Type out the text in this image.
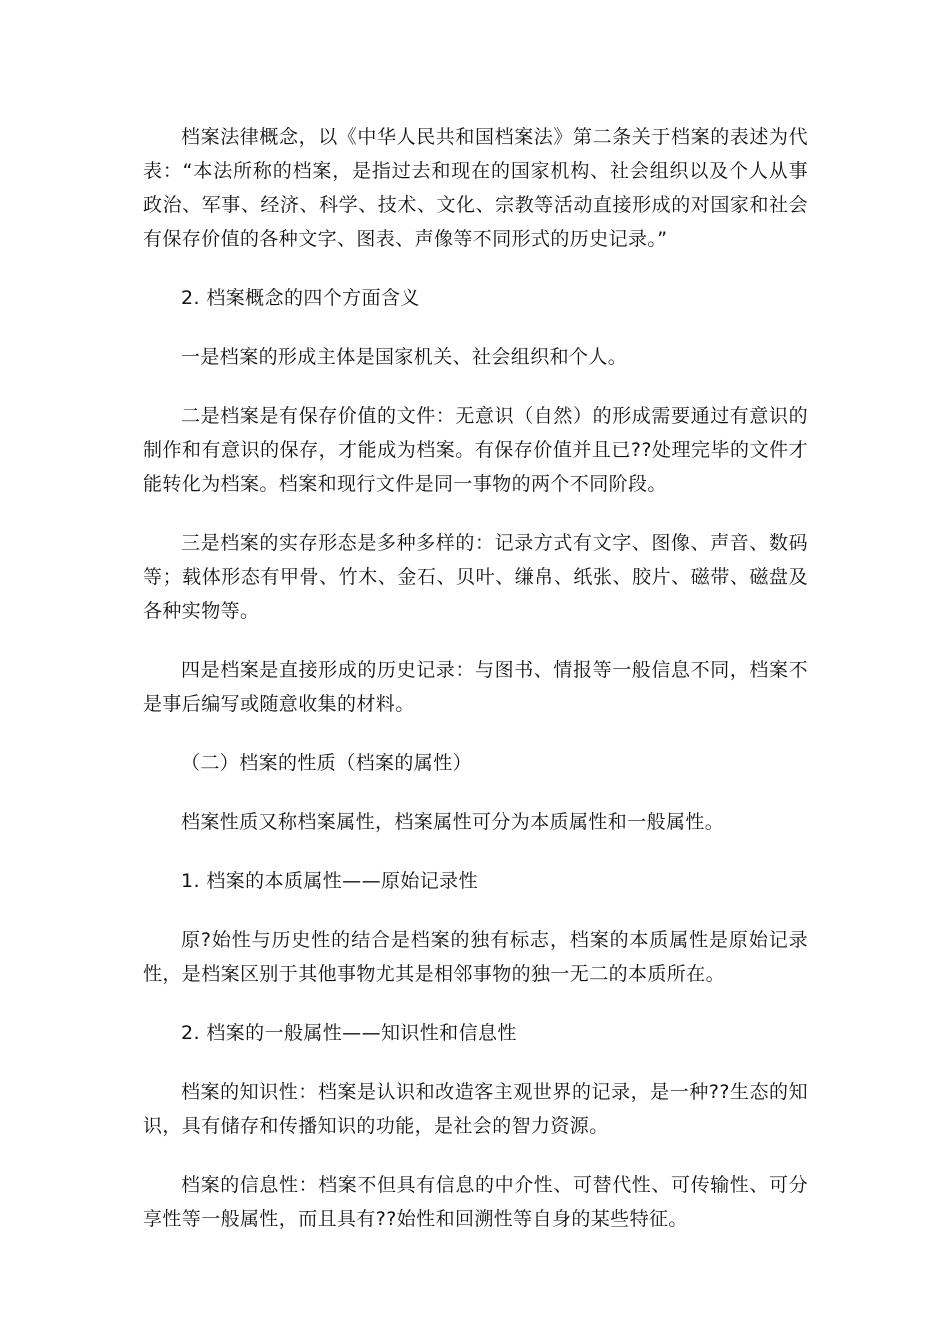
档案法律概念，以《中华人民共和国档案法》第二条关于档案的表述为代表：“本法所称的档案，是指过去和现在的国家机构、社会组织以及个人从事政治、军事、经济、科学、技术、文化、宗教等活动直接形成的对国家和社会有保存价值的各种文字、图表、声像等不同形式的历史记录。”

2. 档案概念的四个方面含义

一是档案的形成主体是国家机关、社会组织和个人。

二是档案是有保存价值的文件：无意识（自然）的形成需要通过有意识的制作和有意识的保存，才能成为档案。有保存价值并且已??处理完毕的文件才能转化为档案。档案和现行文件是同一事物的两个不同阶段。

三是档案的实存形态是多种多样的：记录方式有文字、图像、声音、数码等；载体形态有甲骨、竹木、金石、贝叶、缣帛、纸张、胶片、磁带、磁盘及各种实物等。

四是档案是直接形成的历史记录：与图书、情报等一般信息不同，档案不是事后编写或随意收集的材料。

（二）档案的性质（档案的属性）

档案性质又称档案属性，档案属性可分为本质属性和一般属性。

1. 档案的本质属性——原始记录性

原?始性与历史性的结合是档案的独有标志，档案的本质属性是原始记录性，是档案区别于其他事物尤其是相邻事物的独一无二的本质所在。

2. 档案的一般属性——知识性和信息性

档案的知识性：档案是认识和改造客主观世界的记录，是一种??生态的知识，具有储存和传播知识的功能，是社会的智力资源。

档案的信息性：档案不但具有信息的中介性、可替代性、可传输性、可分享性等一般属性，而且具有??始性和回溯性等自身的某些特征。
